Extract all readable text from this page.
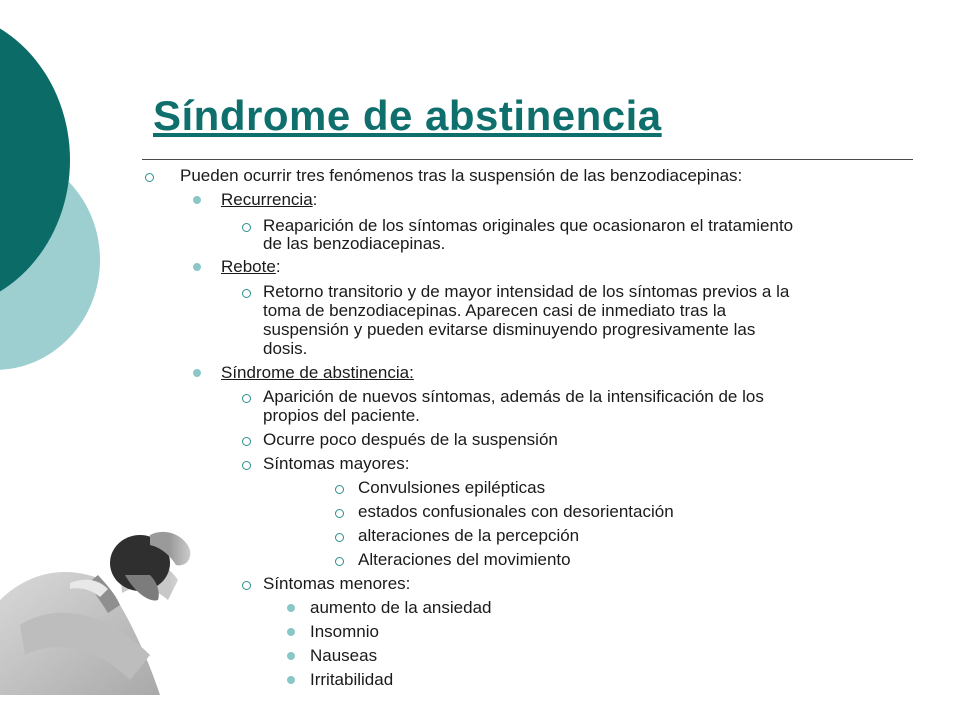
Síndrome de abstinencia
Pueden ocurrir tres fenómenos tras la suspensión de las benzodiacepinas:
Recurrencia:
Reaparición de los síntomas originales que ocasionaron el tratamiento
de las benzodiacepinas.
Rebote:
Retorno transitorio y de mayor intensidad de los síntomas previos a la
toma de benzodiacepinas. Aparecen casi de inmediato tras la
suspensión y pueden evitarse disminuyendo progresivamente las
dosis.
Síndrome de abstinencia:
Aparición de nuevos síntomas, además de la intensificación de los
propios del paciente.
Ocurre poco después de la suspensión
Síntomas mayores:
Convulsiones epilépticas
estados confusionales con desorientación
alteraciones de la percepción
Alteraciones del movimiento
Síntomas menores:
aumento de la ansiedad
Insomnio
Nauseas
Irritabilidad
